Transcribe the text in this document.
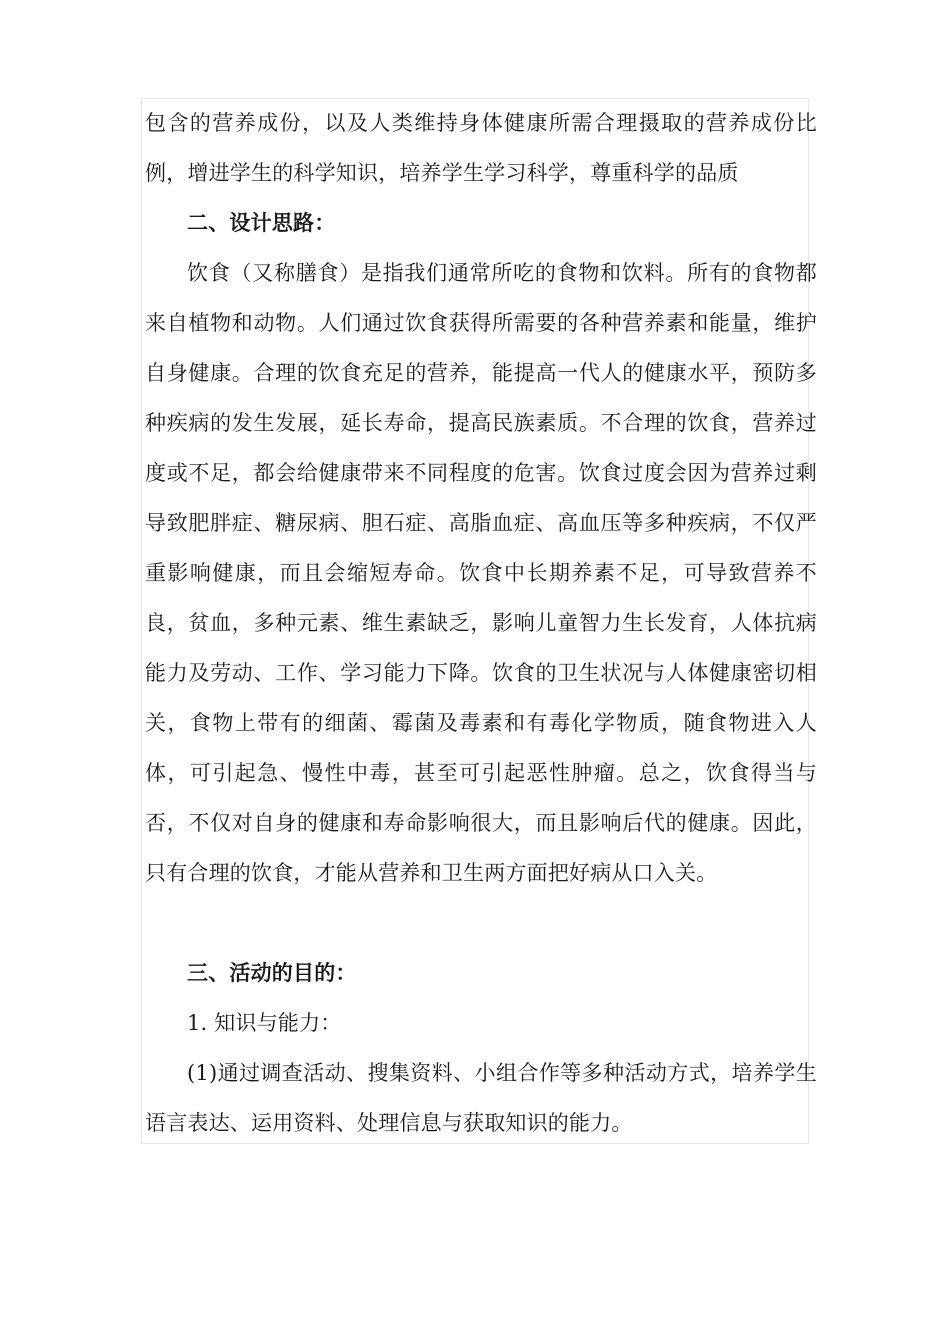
包含的营养成份，以及人类维持身体健康所需合理摄取的营养成份比例，增进学生的科学知识，培养学生学习科学，尊重科学的品质

二、设计思路：

饮食（又称膳食）是指我们通常所吃的食物和饮料。所有的食物都来自植物和动物。人们通过饮食获得所需要的各种营养素和能量，维护自身健康。合理的饮食充足的营养，能提高一代人的健康水平，预防多种疾病的发生发展，延长寿命，提高民族素质。不合理的饮食，营养过度或不足，都会给健康带来不同程度的危害。饮食过度会因为营养过剩导致肥胖症、糖尿病、胆石症、高脂血症、高血压等多种疾病，不仅严重影响健康，而且会缩短寿命。饮食中长期养素不足，可导致营养不良，贫血，多种元素、维生素缺乏，影响儿童智力生长发育，人体抗病能力及劳动、工作、学习能力下降。饮食的卫生状况与人体健康密切相关，食物上带有的细菌、霉菌及毒素和有毒化学物质，随食物进入人体，可引起急、慢性中毒，甚至可引起恶性肿瘤。总之，饮食得当与否，不仅对自身的健康和寿命影响很大，而且影响后代的健康。因此，只有合理的饮食，才能从营养和卫生两方面把好病从口入关。

三、活动的目的：

1. 知识与能力：

(1)通过调查活动、搜集资料、小组合作等多种活动方式，培养学生语言表达、运用资料、处理信息与获取知识的能力。
